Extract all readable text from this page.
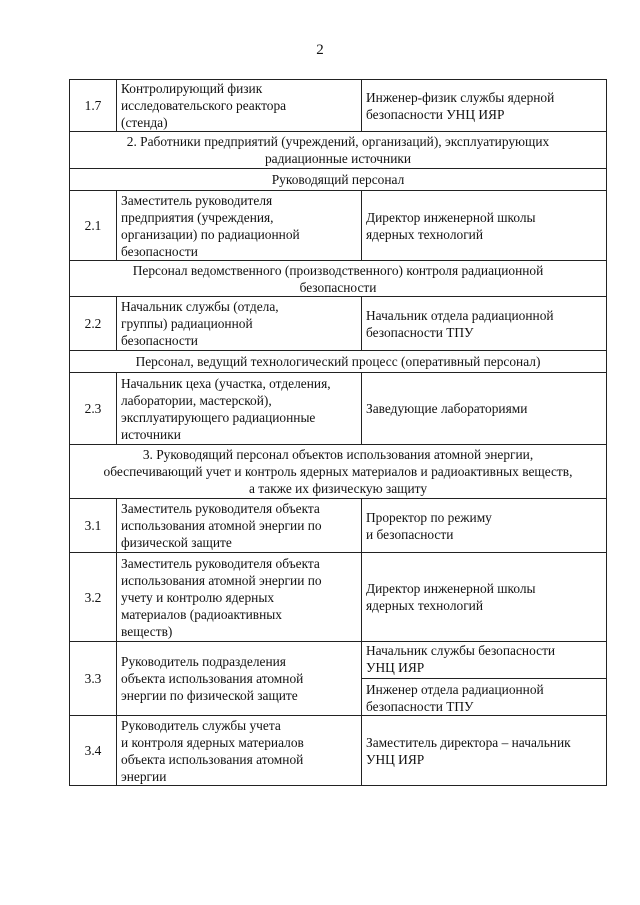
2
1.7	Контролирующий физик
исследовательского реактора
(стенда)	Инженер-физик службы ядерной
безопасности УНЦ ИЯР

2. Работники предприятий (учреждений, организаций), эксплуатирующих
радиационные источники		

Руководящий персонал		

2.1	Заместитель руководителя
предприятия (учреждения,
организации) по радиационной
безопасности	Директор инженерной школы
ядерных технологий

Персонал ведомственного (производственного) контроля радиационной
безопасности		

2.2	Начальник службы (отдела,
группы) радиационной
безопасности	Начальник отдела радиационной
безопасности ТПУ

Персонал, ведущий технологический процесс (оперативный персонал)		

2.3	Начальник цеха (участка, отделения,
лаборатории, мастерской),
эксплуатирующего радиационные
источники	Заведующие лабораториями

3. Руководящий персонал объектов использования атомной энергии,
обеспечивающий учет и контроль ядерных материалов и радиоактивных веществ,
а также их физическую защиту		

3.1	Заместитель руководителя объекта
использования атомной энергии по
физической защите	Проректор по режиму
и безопасности

3.2	Заместитель руководителя объекта
использования атомной энергии по
учету и контролю ядерных
материалов (радиоактивных
веществ)	Директор инженерной школы
ядерных технологий

3.3	Руководитель подразделения
объекта использования атомной
энергии по физической защите	Начальник службы безопасности
УНЦ ИЯР
Инженер отдела радиационной
безопасности ТПУ

3.4	Руководитель службы учета
и контроля ядерных материалов
объекта использования атомной
энергии	Заместитель директора – начальник
УНЦ ИЯР
